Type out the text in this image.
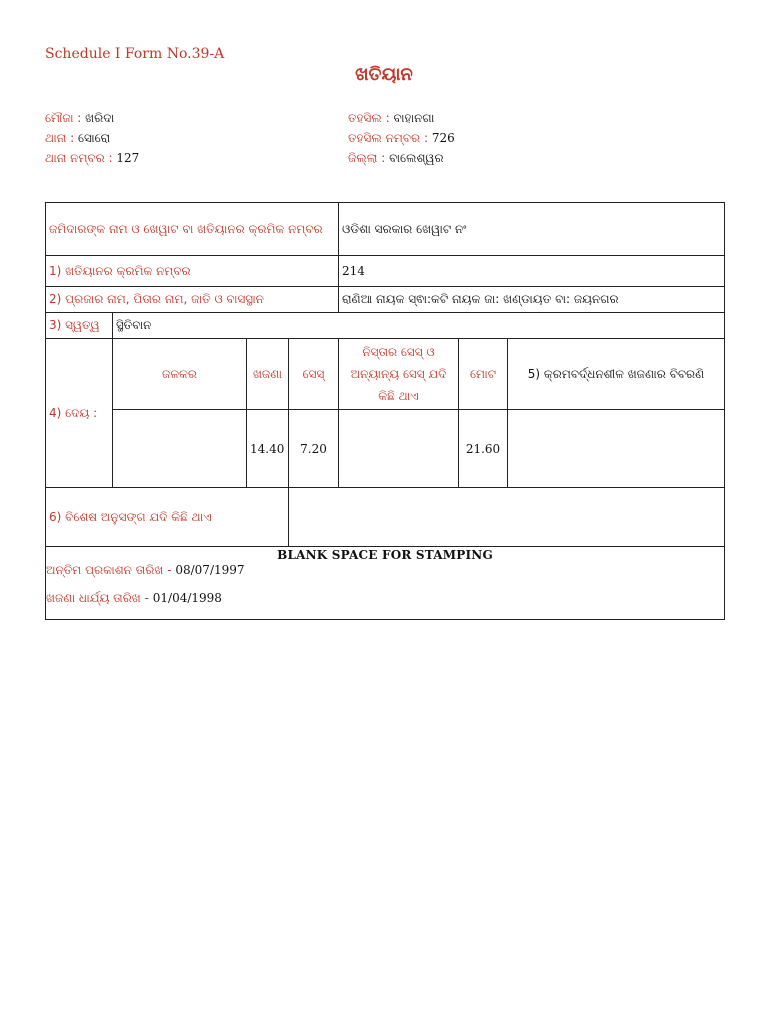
Schedule I Form No.39-A
ଖତିୟାନ
ମୌଜା : ଖରିଦା
ଥାନା : ସୋରୋ
ଥାନା ନମ୍ବର : 127
ତହସିଲ : ବାହାନଗା
ତହସିଲ ନମ୍ବର : 726
ଜିଲ୍ଲା : ବାଲେଶ୍ୱର
ଜମିଦାରଙ୍କ ନାମ ଓ ଖେୱାଟ ବା ଖତିୟାନର କ୍ରମିକ ନମ୍ବର				ଓଡିଶା ସରକାର ଖେୱାଟ ନଂ		
1) ଖତିୟାନର କ୍ରମିକ ନମ୍ବର				214		
2) ପ୍ରଜାର ନାମ, ପିତାର ନାମ, ଜାତି ଓ ବାସସ୍ଥାନ				ରାଣିଆ ନାୟକ ସ୍ଵା:କଟି ନାୟକ ଜା: ଖଣ୍ଡାୟତ ବା: ଜୟନଗର		
3) ସ୍ୱତ୍ୱ	ସ୍ଥିତିବାନ					
4) ଦେୟ :	ଜଳକର	ଖଜଣା	ସେସ୍	ନିସ୍ତାର ସେସ୍ ଓ ଅନ୍ୟାନ୍ୟ ସେସ୍ ଯଦି କିଛି ଥାଏ	ମୋଟ	5) କ୍ରମବର୍ଦ୍ଧନଶୀଳ ଖଜଣାର ବିବରଣି
		14.40	7.20		21.60	
6) ବିଶେଷ ଅନୁସଙ୍ଗ ଯଦି କିଛି ଥାଏ						

BLANK SPACE FOR STAMPING
ଅନ୍ତିମ ପ୍ରକାଶନ ତାରିଖ - 08/07/1997
ଖଜଣା ଧାର୍ଯ୍ୟ ତାରିଖ - 01/04/1998						
